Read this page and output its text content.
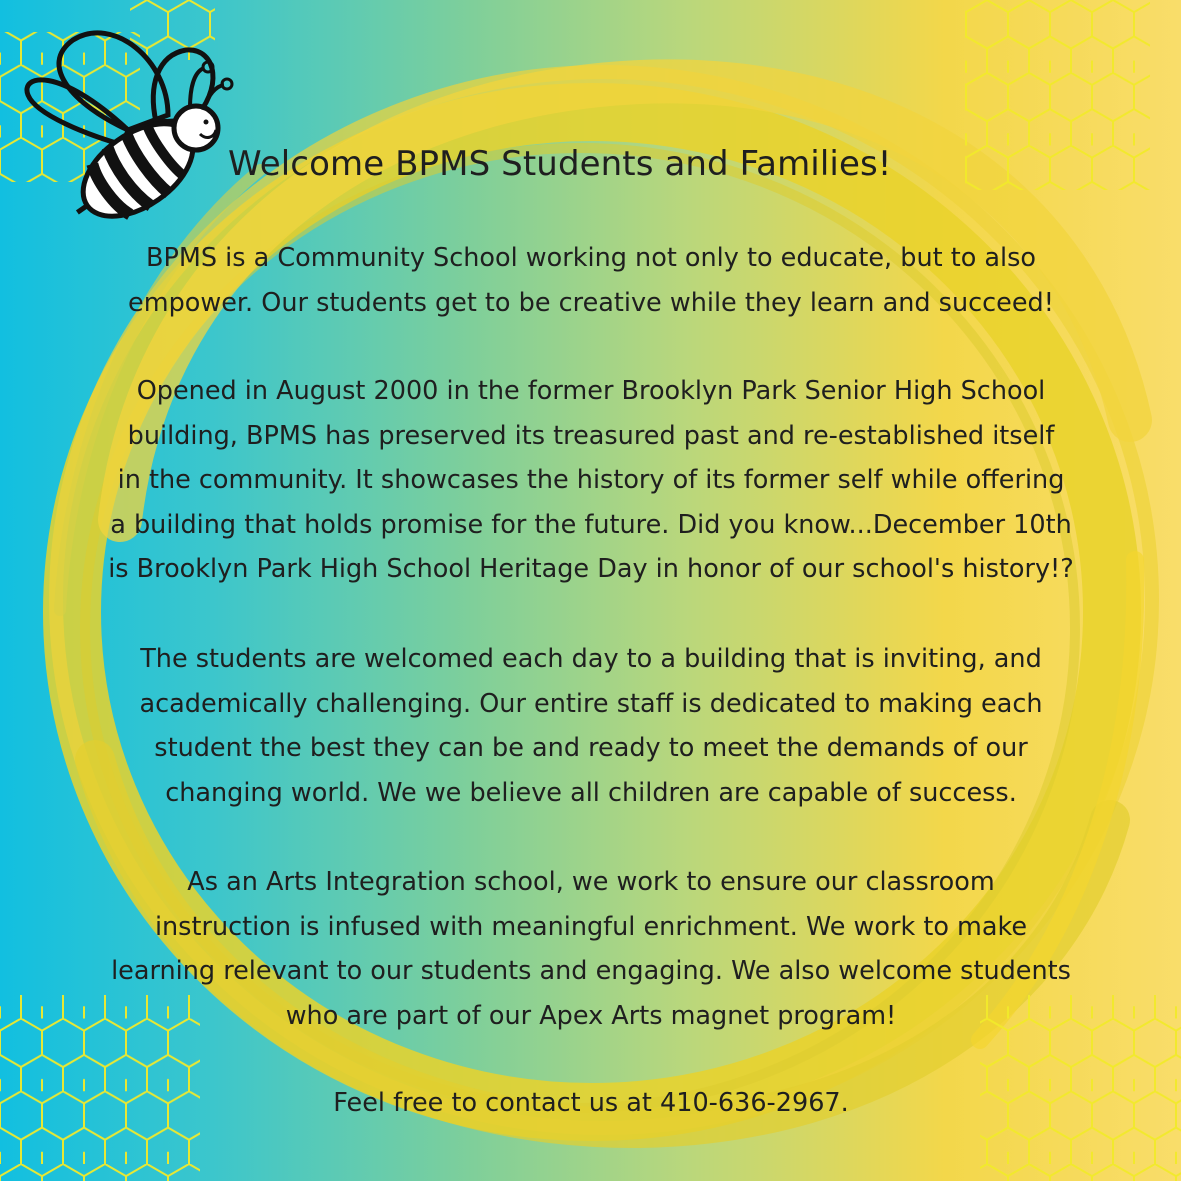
Welcome BPMS Students and Families!

BPMS is a Community School working not only to educate, but to also
empower. Our students get to be creative while they learn and succeed!

Opened in August 2000 in the former Brooklyn Park Senior High School
building, BPMS has preserved its treasured past and re-established itself
in the community. It showcases the history of its former self while offering
a building that holds promise for the future. Did you know...December 10th
is Brooklyn Park High School Heritage Day in honor of our school's history!?

The students are welcomed each day to a building that is inviting, and
academically challenging. Our entire staff is dedicated to making each
student the best they can be and ready to meet the demands of our
changing world. We we believe all children are capable of success.

As an Arts Integration school, we work to ensure our classroom
instruction is infused with meaningful enrichment. We work to make
learning relevant to our students and engaging. We also welcome students
who are part of our Apex Arts magnet program!

Feel free to contact us at 410-636-2967.
